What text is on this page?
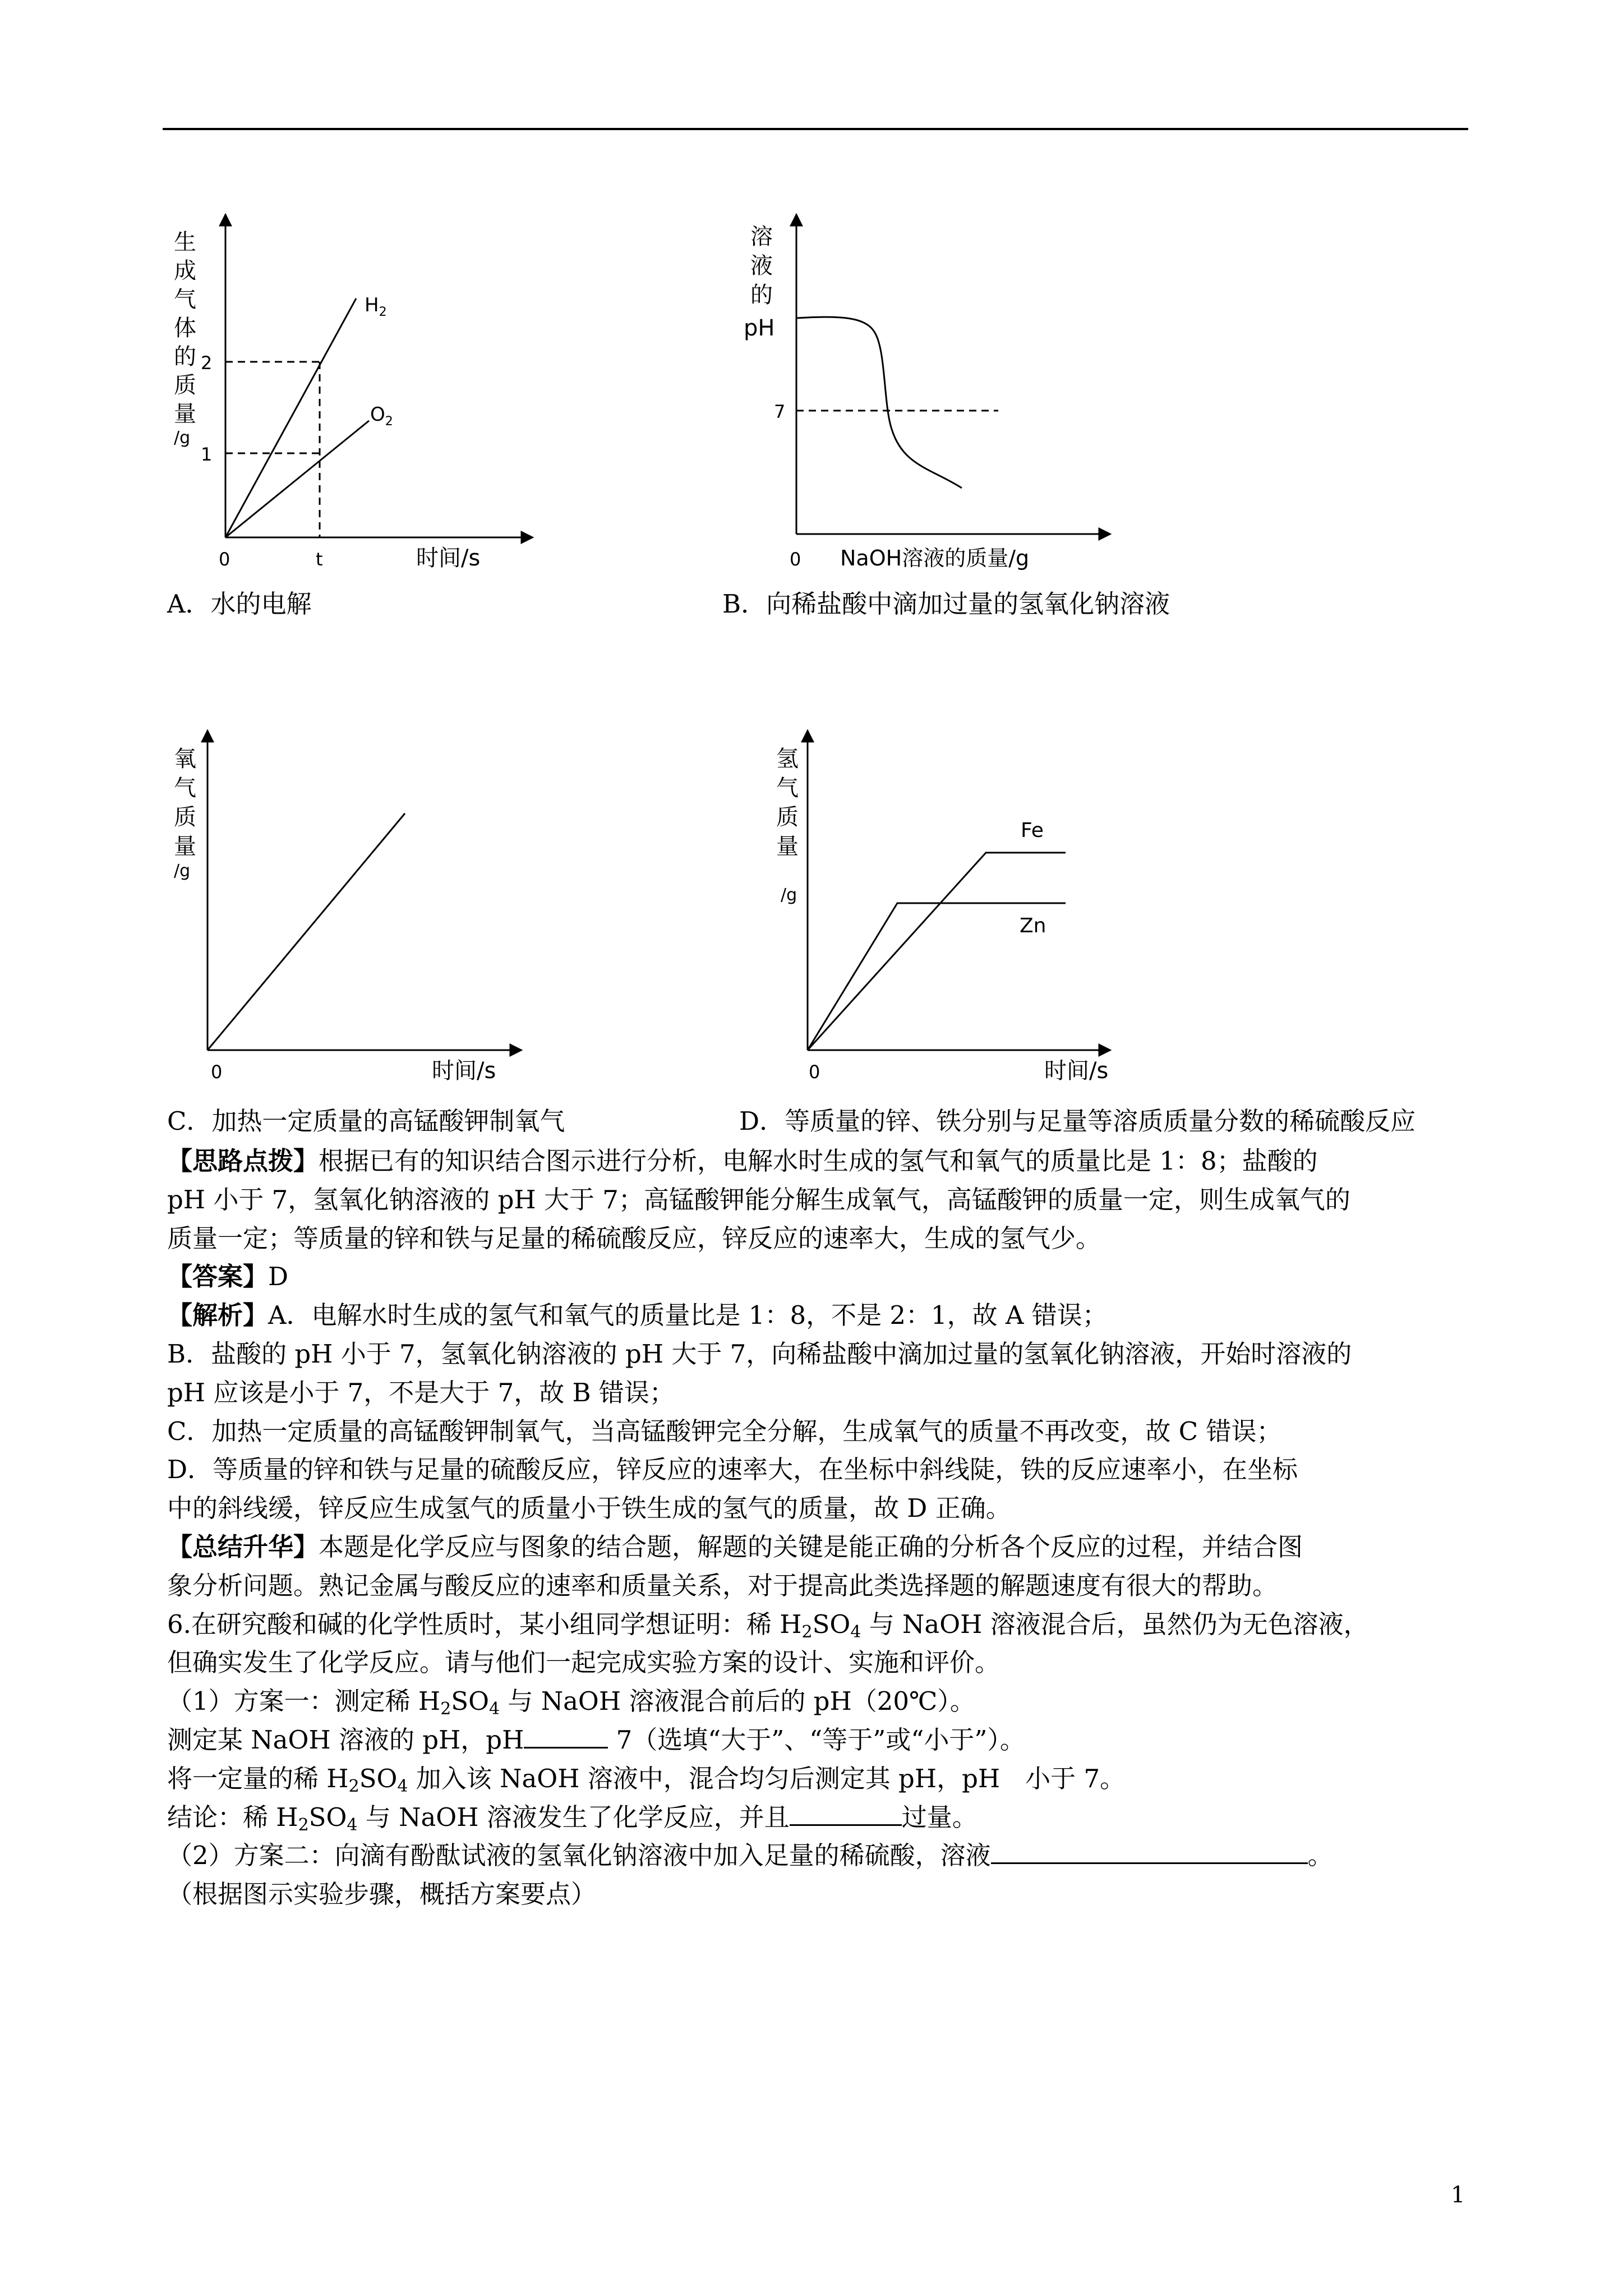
生
成
气
体
的
质
量
/g
2
1
0	t	时间/s
$H_2$
$O_2$
A．水的电解
溶
液
的
pH
7
0 NaOH溶液的质量/g
B．向稀盐酸中滴加过量的氢氧化钠溶液
氧
气
质
量
/g
0	时间/s
C．加热一定质量的高锰酸钾制氧气
氢
气
质
量
/g
Fe
Zn
0	时间/s
D．等质量的锌、铁分别与足量等溶质质量分数的稀硫酸反应

【思路点拨】根据已有的知识结合图示进行分析，电解水时生成的氢气和氧气的质量比是 1：8；盐酸的

pH 小于 7，氢氧化钠溶液的 pH 大于 7；高锰酸钾能分解生成氧气，高锰酸钾的质量一定，则生成氧气的

质量一定；等质量的锌和铁与足量的稀硫酸反应，锌反应的速率大，生成的氢气少。

【答案】D

【解析】A．电解水时生成的氢气和氧气的质量比是 1：8，不是 2：1，故 A 错误；

B．盐酸的 pH 小于 7，氢氧化钠溶液的 pH 大于 7，向稀盐酸中滴加过量的氢氧化钠溶液，开始时溶液的

pH 应该是小于 7，不是大于 7，故 B 错误；

C．加热一定质量的高锰酸钾制氧气，当高锰酸钾完全分解，生成氧气的质量不再改变，故 C 错误；

D．等质量的锌和铁与足量的硫酸反应，锌反应的速率大，在坐标中斜线陡，铁的反应速率小，在坐标

中的斜线缓，锌反应生成氢气的质量小于铁生成的氢气的质量，故 D 正确。

【总结升华】本题是化学反应与图象的结合题，解题的关键是能正确的分析各个反应的过程，并结合图

象分析问题。熟记金属与酸反应的速率和质量关系，对于提高此类选择题的解题速度有很大的帮助。

6.在研究酸和碱的化学性质时，某小组同学想证明：稀 $H_2SO_4$ 与 NaOH 溶液混合后，虽然仍为无色溶液，

但确实发生了化学反应。请与他们一起完成实验方案的设计、实施和评价。

（1）方案一：测定稀 $H_2SO_4$ 与 NaOH 溶液混合前后的 pH（20℃）。

测定某 NaOH 溶液的 pH，pH	7（选填“大于”、“等于”或“小于”）。

将一定量的稀 $H_2SO_4$ 加入该 NaOH 溶液中，混合均匀后测定其 pH，pH　小于 7。

结论：稀 $H_2SO_4$ 与 NaOH 溶液发生了化学反应，并且	过量。

（2）方案二：向滴有酚酞试液的氢氧化钠溶液中加入足量的稀硫酸，溶液	。

（根据图示实验步骤，概括方案要点）

1
